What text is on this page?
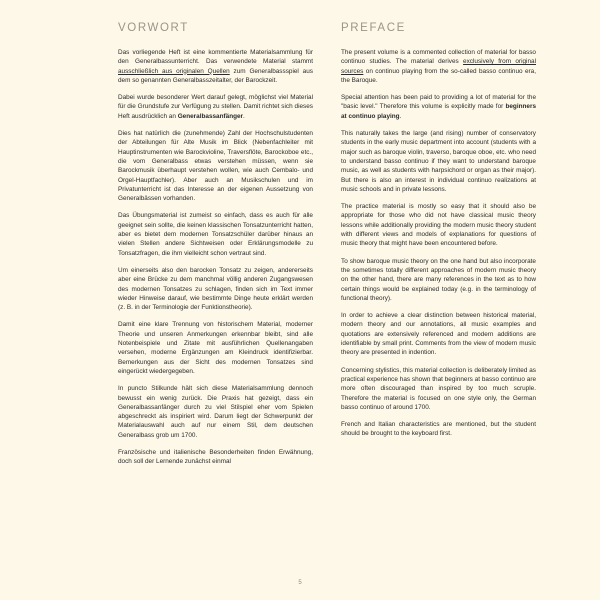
VORWORT

Das vorliegende Heft ist eine kommentierte Materialsammlung für den Generalbassunterricht. Das verwendete Material stammt ausschließlich aus originalen Quellen zum Generalbassspiel aus dem so genannten Generalbasszeitalter, der Barockzeit.

Dabei wurde besonderer Wert darauf gelegt, möglichst viel Material für die Grundstufe zur Verfügung zu stellen. Damit richtet sich dieses Heft ausdrücklich an Generalbassanfänger.

Dies hat natürlich die (zunehmende) Zahl der Hochschulstudenten der Abteilungen für Alte Musik im Blick (Nebenfachleiter mit Hauptinstrumenten wie Barockvioline, Traversflöte, Barockoboe etc., die vom Generalbass etwas verstehen müssen, wenn sie Barockmusik überhaupt verstehen wollen, wie auch Cembalo- und Orgel-Hauptfachler). Aber auch an Musikschulen und im Privatunterricht ist das Interesse an der eigenen Aussetzung von Generalbässen vorhanden.

Das Übungsmaterial ist zumeist so einfach, dass es auch für alle geeignet sein sollte, die keinen klassischen Tonsatzunterricht hatten, aber es bietet dem modernen Tonsatzschüler darüber hinaus an vielen Stellen andere Sichtweisen oder Erklärungsmodelle zu Tonsatzfragen, die ihm vielleicht schon vertraut sind.

Um einerseits also den barocken Tonsatz zu zeigen, andererseits aber eine Brücke zu dem manchmal völlig anderen Zugangswesen des modernen Tonsatzes zu schlagen, finden sich im Text immer wieder Hinweise darauf, wie bestimmte Dinge heute erklärt werden (z. B. in der Terminologie der Funktionstheorie).

Damit eine klare Trennung von historischem Material, moderner Theorie und unseren Anmerkungen erkennbar bleibt, sind alle Notenbeispiele und Zitate mit ausführlichen Quellenangaben versehen, moderne Ergänzungen am Kleindruck identifizierbar. Bemerkungen aus der Sicht des modernen Tonsatzes sind eingerückt wiedergegeben.

In puncto Stilkunde hält sich diese Materialsammlung dennoch bewusst ein wenig zurück. Die Praxis hat gezeigt, dass ein Generalbassanfänger durch zu viel Stilspiel eher vom Spielen abgeschreckt als inspiriert wird. Darum liegt der Schwerpunkt der Materialauswahl auch auf nur einem Stil, dem deutschen Generalbass grob um 1700.

Französische und italienische Besonderheiten finden Erwähnung, doch soll der Lernende zunächst einmal

PREFACE

The present volume is a commented collection of material for basso continuo studies. The material derives exclusively from original sources on continuo playing from the so-called basso continuo era, the Baroque.

Special attention has been paid to providing a lot of material for the "basic level." Therefore this volume is explicitly made for beginners at continuo playing.

This naturally takes the large (and rising) number of conservatory students in the early music department into account (students with a major such as baroque violin, traverso, baroque oboe, etc. who need to understand basso continuo if they want to understand baroque music, as well as students with harpsichord or organ as their major). But there is also an interest in individual continuo realizations at music schools and in private lessons.

The practice material is mostly so easy that it should also be appropriate for those who did not have classical music theory lessons while additionally providing the modern music theory student with different views and models of explanations for questions of music theory that might have been encountered before.

To show baroque music theory on the one hand but also incorporate the sometimes totally different approaches of modern music theory on the other hand, there are many references in the text as to how certain things would be explained today (e.g. in the terminology of functional theory).

In order to achieve a clear distinction between historical material, modern theory and our annotations, all music examples and quotations are extensively referenced and modern additions are identifiable by small print. Comments from the view of modern music theory are presented in indention.

Concerning stylistics, this material collection is deliberately limited as practical experience has shown that beginners at basso continuo are more often discouraged than inspired by too much scruple. Therefore the material is focused on one style only, the German basso continuo of around 1700.

French and Italian characteristics are mentioned, but the student should be brought to the keyboard first.

5
